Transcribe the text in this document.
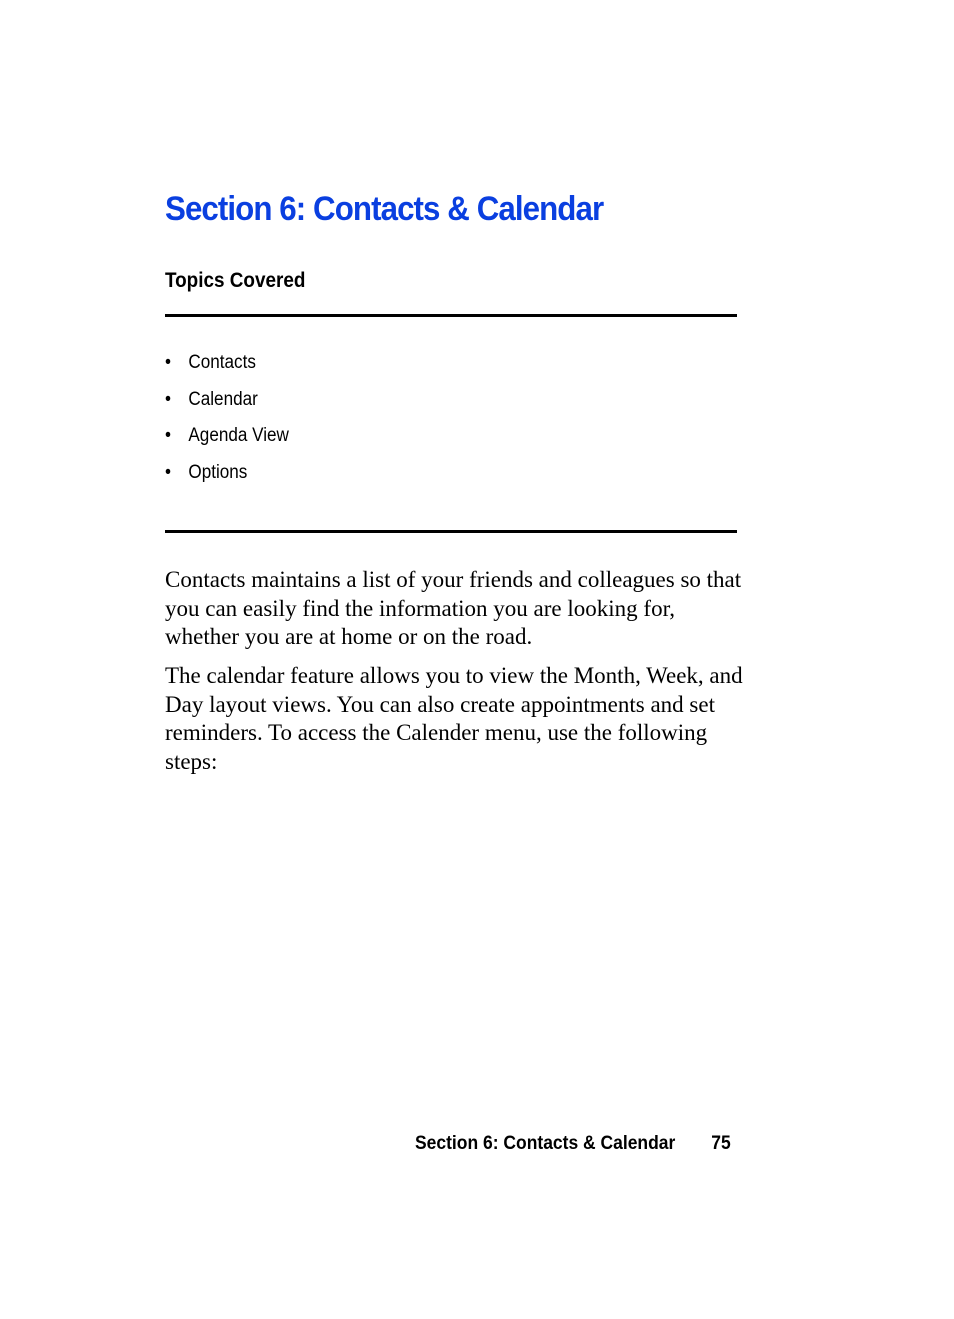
Section 6: Contacts & Calendar
Topics Covered
• Contacts
• Calendar
• Agenda View
• Options

Contacts maintains a list of your friends and colleagues so that you can easily find the information you are looking for, whether you are at home or on the road.

The calendar feature allows you to view the Month, Week, and Day layout views. You can also create appointments and set reminders. To access the Calender menu, use the following steps:

Section 6: Contacts & Calendar 75
